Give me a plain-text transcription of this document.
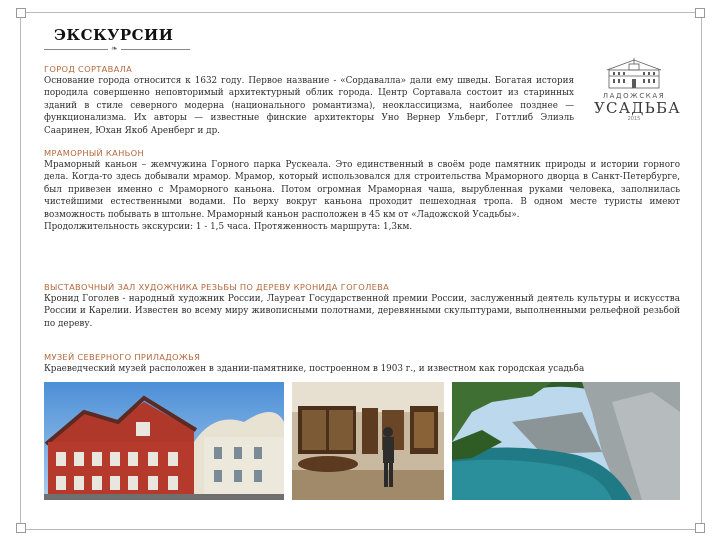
ЭКСКУРСИИ
❧
ЛАДОЖСКАЯ
УСАДЬБА
2015
ГОРОД СОРТАВАЛА
Основание города относится к 1632 году. Первое название - «Сордавалла» дали ему шведы. Богатая история породила совершенно неповторимый архитектурный облик города. Центр Сортавала состоит из старинных зданий в стиле северного модерна (национального романтизма), неоклассицизма, наиболее позднее — функционализма. Их авторы — известные финские архитекторы Уно Вернер Ульберг, Готтлиб Элиэль Сааринен, Юхан Якоб Аренберг и др.
МРАМОРНЫЙ КАНЬОН
Мраморный каньон – жемчужина Горного парка Рускеала. Это единственный в своём роде памятник природы и истории горного дела. Когда-то здесь добывали мрамор. Мрамор, который использовался для строительства Мраморного дворца в Санкт-Петербурге, был привезен именно с Мраморного каньона. Потом огромная Мраморная чаша, вырубленная руками человека, заполнилась чистейшими естественными водами. По верху вокруг каньона проходит пешеходная тропа. В одном месте туристы имеют возможность побывать в штольне. Мраморный каньон расположен в 45 км от «Ладожской Усадьбы».
Продолжительность экскурсии: 1 - 1,5 часа. Протяженность маршрута: 1,3км.
ВЫСТАВОЧНЫЙ ЗАЛ ХУДОЖНИКА РЕЗЬБЫ ПО ДЕРЕВУ КРОНИДА ГОГОЛЕВА
Кронид Гоголев - народный художник России, Лауреат Государственной премии России, заслуженный деятель культуры и искусства России и Карелии. Известен во всему миру живописными полотнами, деревянными скульптурами, выполненными рельефной резьбой по дереву.
МУЗЕЙ СЕВЕРНОГО ПРИЛАДОЖЬЯ
Краеведческий музей расположен в здании-памятнике, построенном в 1903 г., и известном как городская усадьба
